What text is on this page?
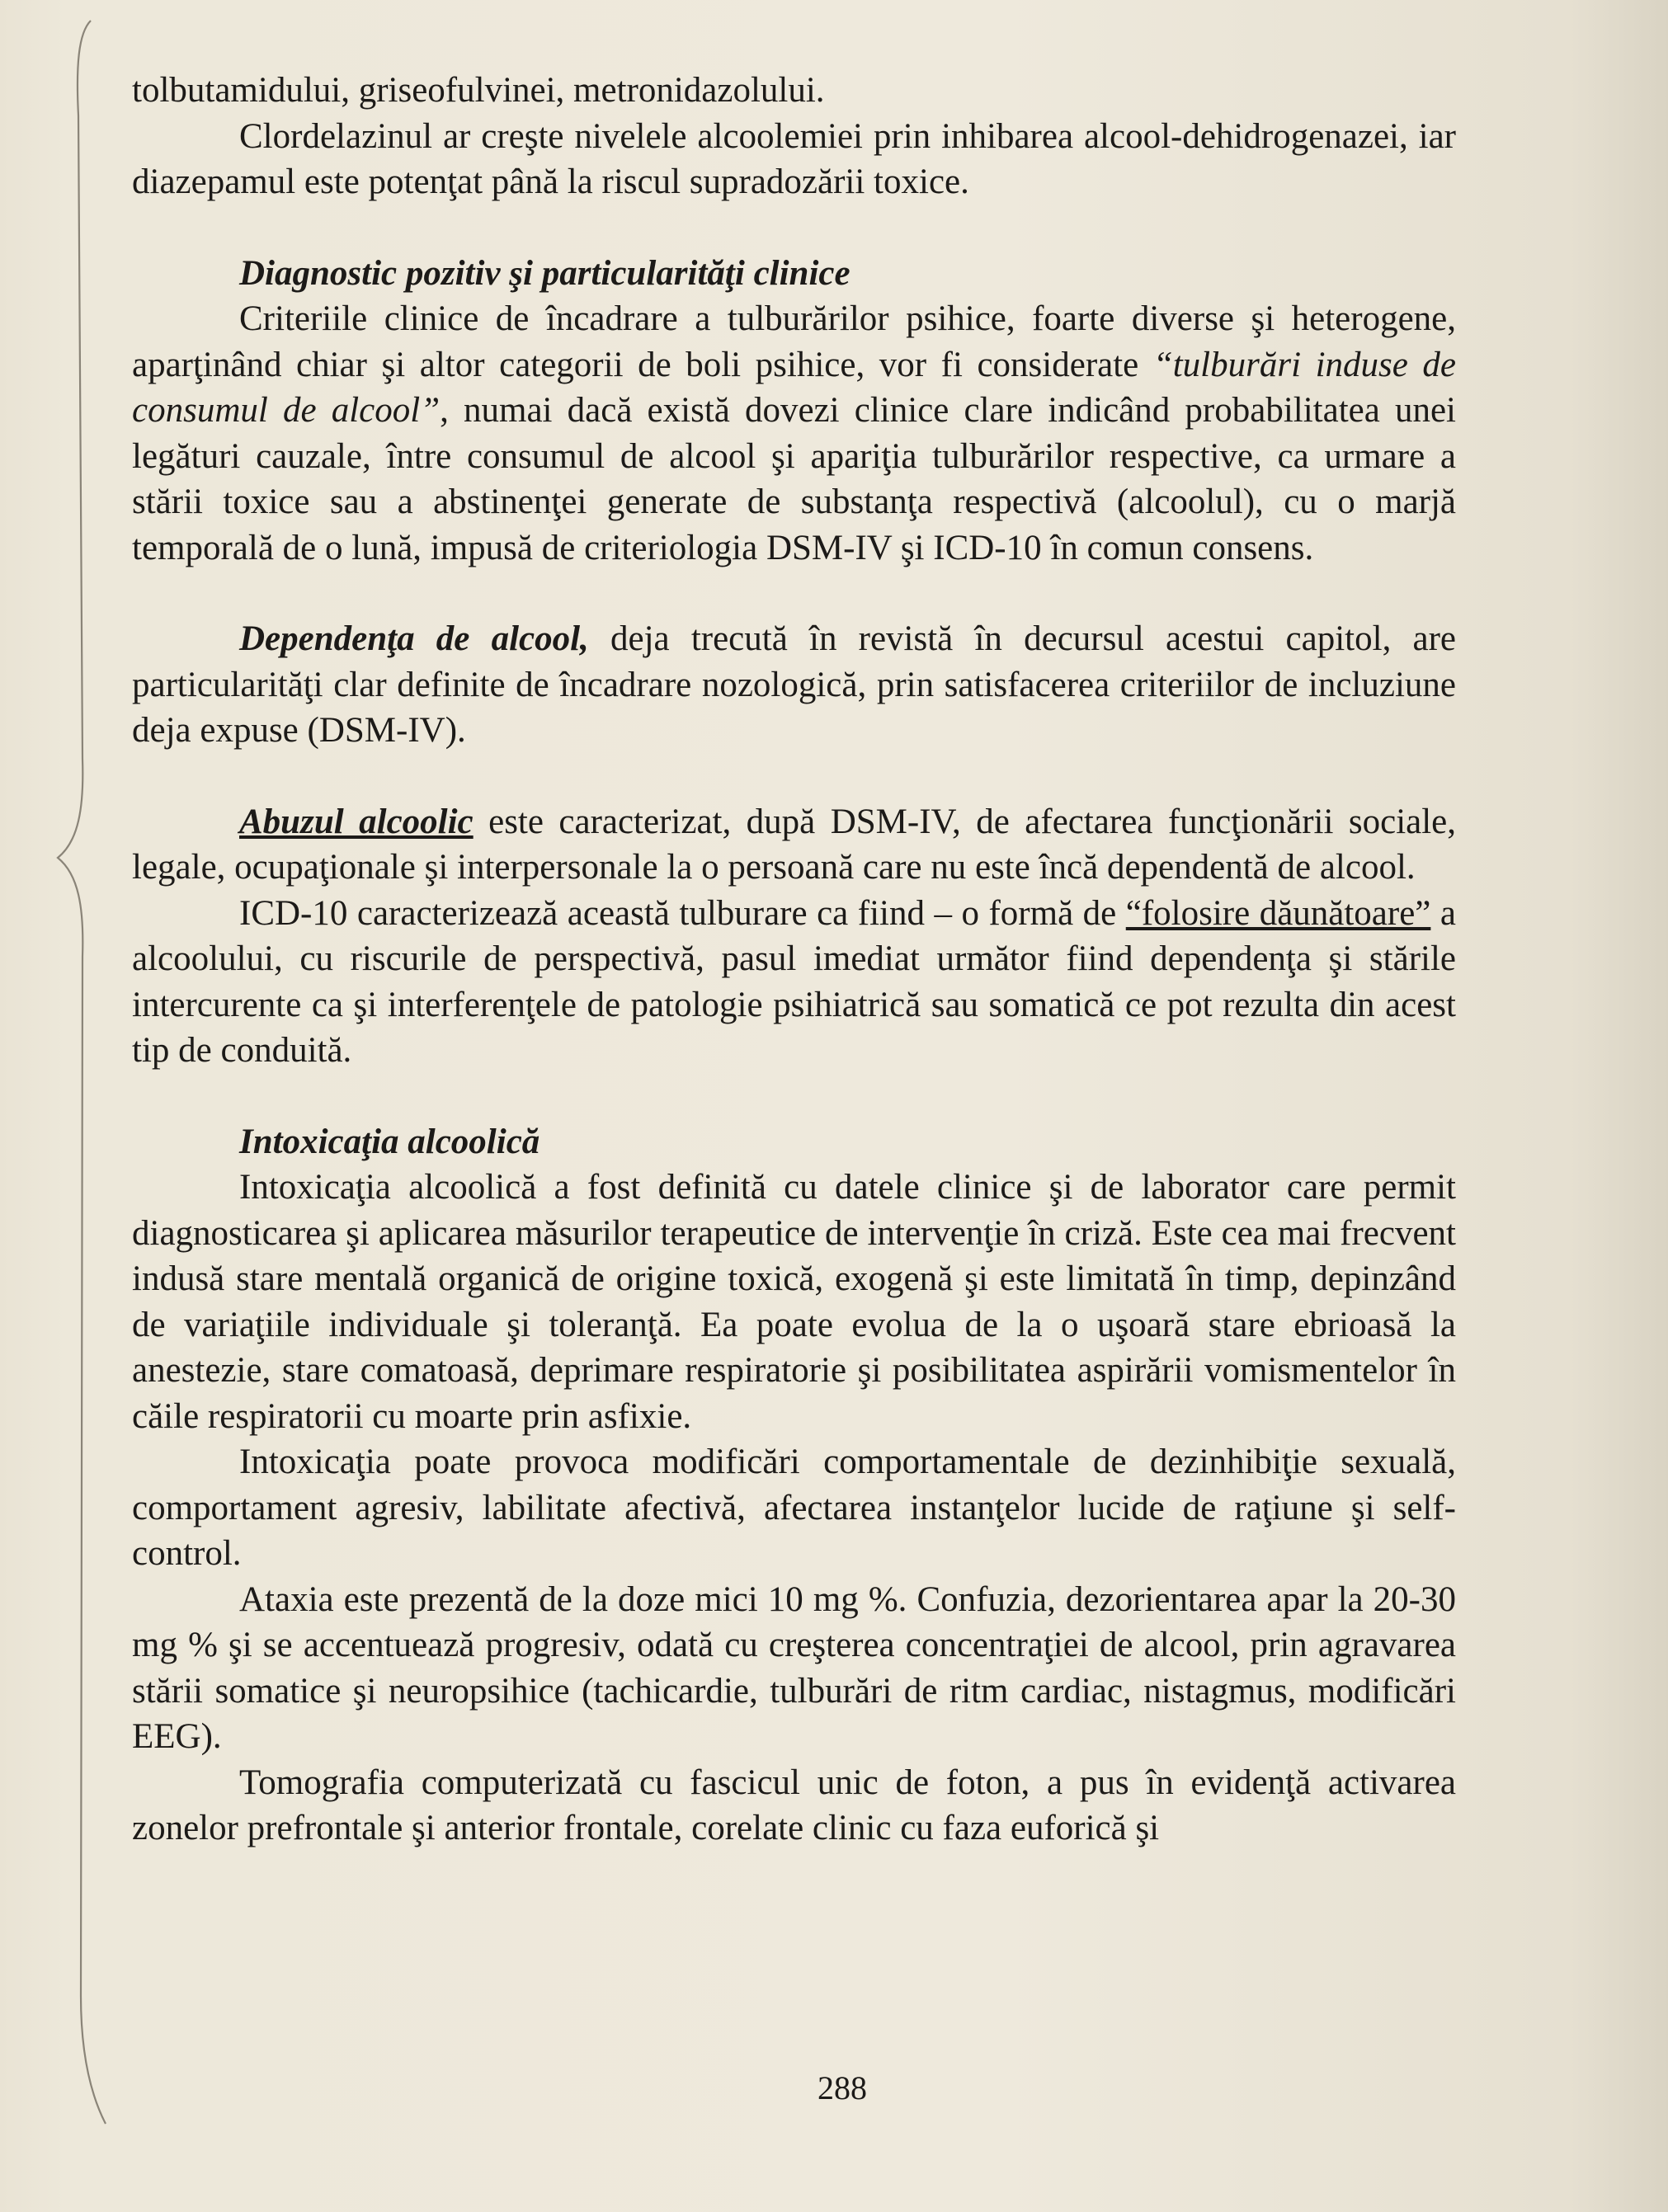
tolbutamidului, griseofulvinei, metronidazolului.

Clordelazinul ar creşte nivelele alcoolemiei prin inhibarea alcool-dehidrogenazei, iar diazepamul este potenţat până la riscul supradozării toxice.

Diagnostic pozitiv şi particularităţi clinice

Criteriile clinice de încadrare a tulburărilor psihice, foarte diverse şi heterogene, aparţinând chiar şi altor categorii de boli psihice, vor fi considerate “tulburări induse de consumul de alcool”, numai dacă există dovezi clinice clare indicând probabilitatea unei legături cauzale, între consumul de alcool şi apariţia tulburărilor respective, ca urmare a stării toxice sau a abstinenţei generate de substanţa respectivă (alcoolul), cu o marjă temporală de o lună, impusă de criteriologia DSM-IV şi ICD-10 în comun consens.

Dependenţa de alcool, deja trecută în revistă în decursul acestui capitol, are particularităţi clar definite de încadrare nozologică, prin satisfacerea criteriilor de incluziune deja expuse (DSM-IV).

Abuzul alcoolic este caracterizat, după DSM-IV, de afectarea funcţionării sociale, legale, ocupaţionale şi interpersonale la o persoană care nu este încă dependentă de alcool.

ICD-10 caracterizează această tulburare ca fiind – o formă de “folosire dăunătoare” a alcoolului, cu riscurile de perspectivă, pasul imediat următor fiind dependenţa şi stările intercurente ca şi interferenţele de patologie psihiatrică sau somatică ce pot rezulta din acest tip de conduită.

Intoxicaţia alcoolică

Intoxicaţia alcoolică a fost definită cu datele clinice şi de laborator care permit diagnosticarea şi aplicarea măsurilor terapeutice de intervenţie în criză. Este cea mai frecvent indusă stare mentală organică de origine toxică, exogenă şi este limitată în timp, depinzând de variaţiile individuale şi toleranţă. Ea poate evolua de la o uşoară stare ebrioasă la anestezie, stare comatoasă, deprimare respiratorie şi posibilitatea aspirării vomismentelor în căile respiratorii cu moarte prin asfixie.

Intoxicaţia poate provoca modificări comportamentale de dezinhibiţie sexuală, comportament agresiv, labilitate afectivă, afectarea instanţelor lucide de raţiune şi self-control.

Ataxia este prezentă de la doze mici 10 mg %. Confuzia, dezorientarea apar la 20-30 mg % şi se accentuează progresiv, odată cu creşterea concentraţiei de alcool, prin agravarea stării somatice şi neuropsihice (tachicardie, tulburări de ritm cardiac, nistagmus, modificări EEG).

Tomografia computerizată cu fascicul unic de foton, a pus în evidenţă activarea zonelor prefrontale şi anterior frontale, corelate clinic cu faza euforică şi

288
